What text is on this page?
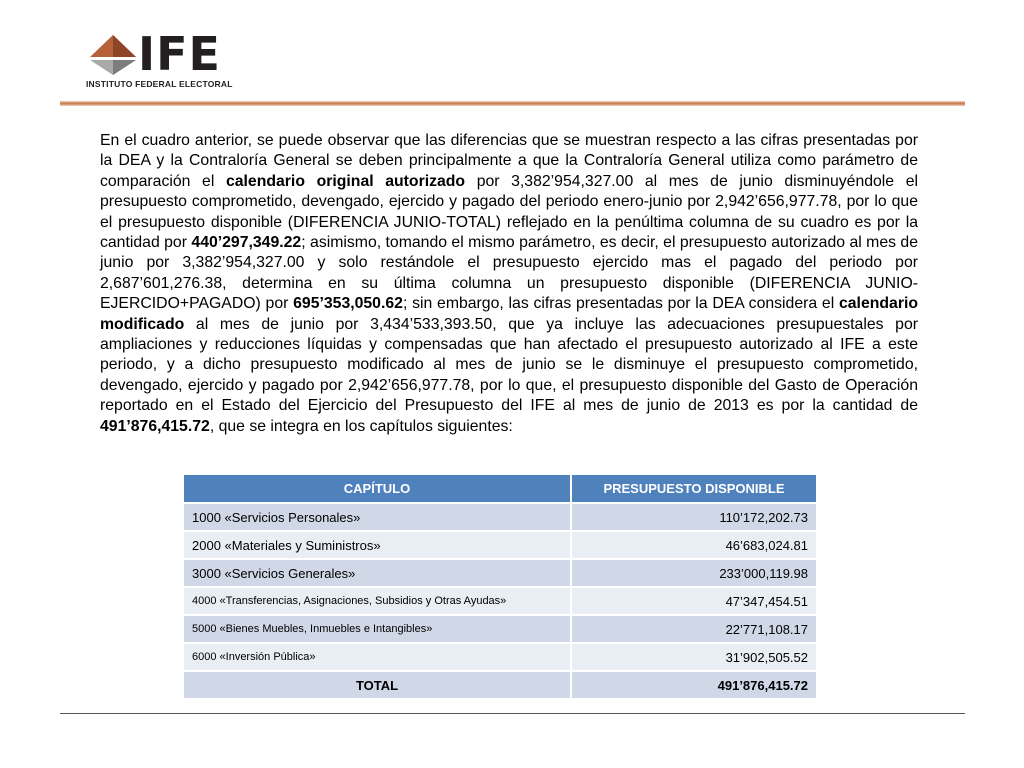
IFE
INSTITUTO FEDERAL ELECTORAL

En el cuadro anterior, se puede observar que las diferencias que se muestran respecto a las cifras presentadas por la DEA y la Contraloría General se deben principalmente a que la Contraloría General utiliza como parámetro de comparación el calendario original autorizado por 3,382’954,327.00 al mes de junio disminuyéndole el presupuesto comprometido, devengado, ejercido y pagado del periodo enero-junio por 2,942’656,977.78, por lo que el presupuesto disponible (DIFERENCIA JUNIO-TOTAL) reflejado en la penúltima columna de su cuadro es por la cantidad por 440’297,349.22; asimismo, tomando el mismo parámetro, es decir, el presupuesto autorizado al mes de junio por 3,382’954,327.00 y solo restándole el presupuesto ejercido mas el pagado del periodo por 2,687’601,276.38, determina en su última columna un presupuesto disponible (DIFERENCIA JUNIO-EJERCIDO+PAGADO) por 695’353,050.62; sin embargo, las cifras presentadas por la DEA considera el calendario modificado al mes de junio por 3,434’533,393.50, que ya incluye las adecuaciones presupuestales por ampliaciones y reducciones líquidas y compensadas que han afectado el presupuesto autorizado al IFE a este periodo, y a dicho presupuesto modificado al mes de junio se le disminuye el presupuesto comprometido, devengado, ejercido y pagado por 2,942’656,977.78, por lo que, el presupuesto disponible del Gasto de Operación reportado en el Estado del Ejercicio del Presupuesto del IFE al mes de junio de 2013 es por la cantidad de 491’876,415.72, que se integra en los capítulos siguientes:

CAPÍTULO	PRESUPUESTO DISPONIBLE
1000 «Servicios Personales»	110’172,202.73
2000 «Materiales y Suministros»	46’683,024.81
3000 «Servicios Generales»	233’000,119.98
4000 «Transferencias, Asignaciones, Subsidios y Otras Ayudas»	47’347,454.51
5000 «Bienes Muebles, Inmuebles e Intangibles»	22’771,108.17
6000 «Inversión Pública»	31’902,505.52
TOTAL	491’876,415.72
